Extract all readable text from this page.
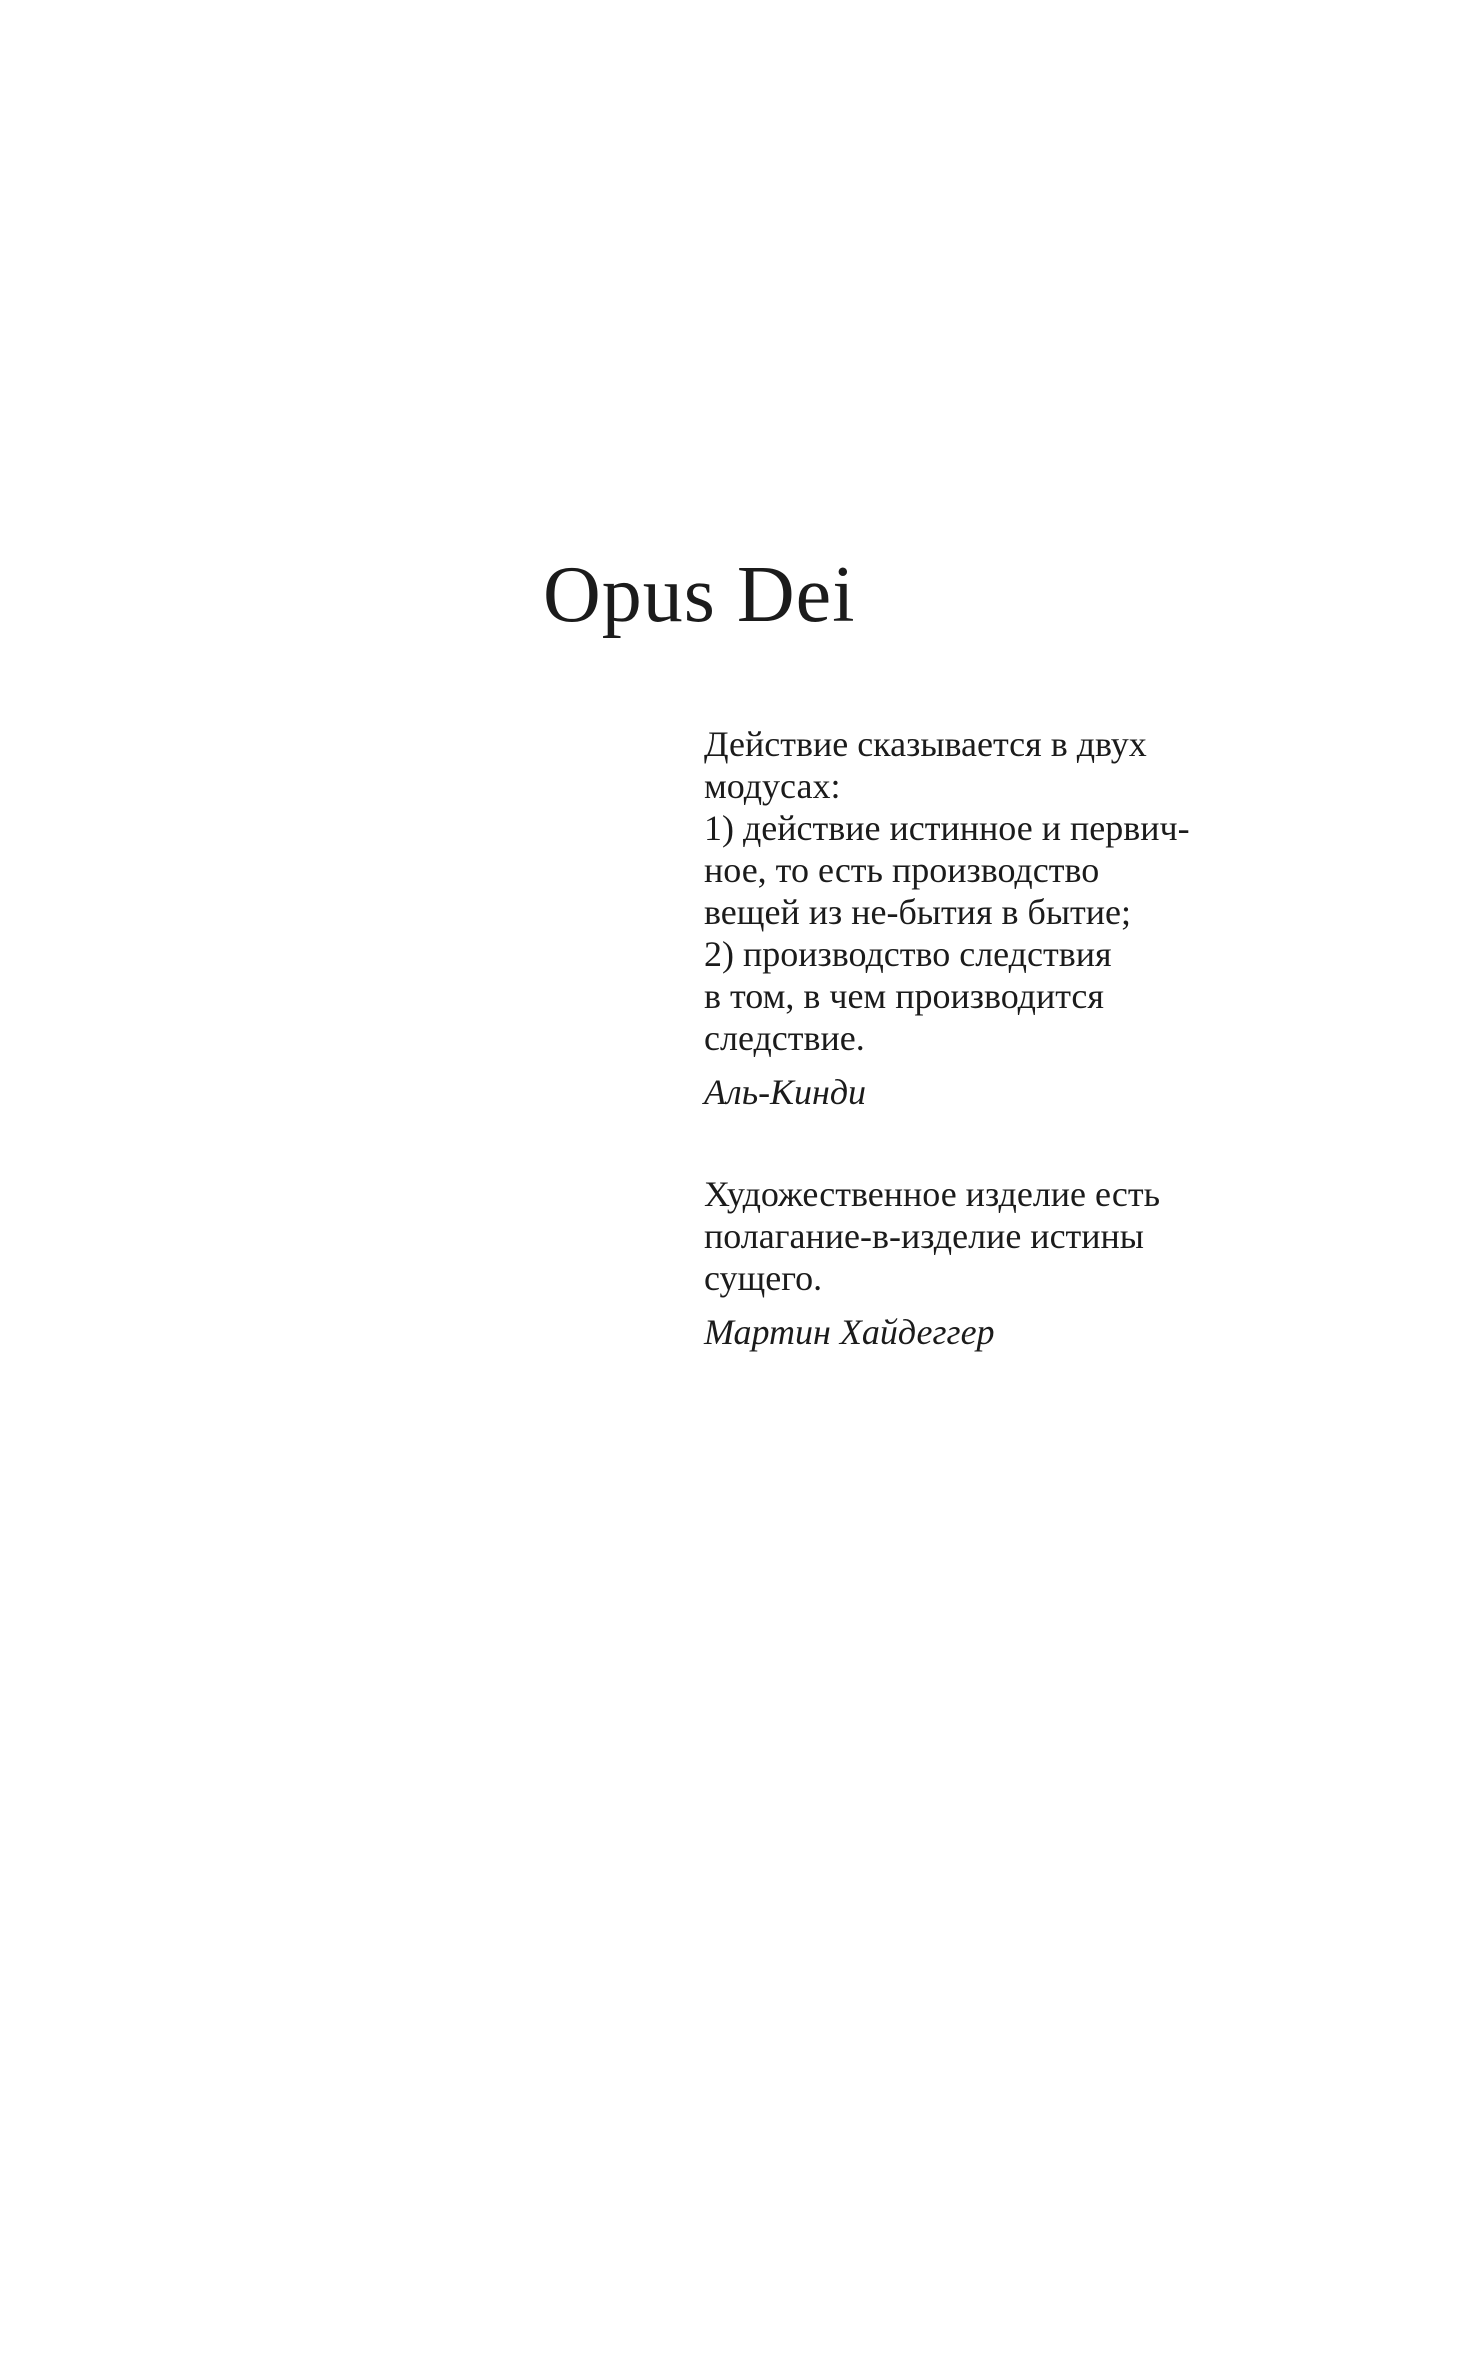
Opus Dei
Действие сказывается в двух
модусах:
1) действие истинное и первич-
ное, то есть производство
вещей из не-бытия в бытие;
2) производство следствия
в том, в чем производится
следствие.
Аль-Кинди
Художественное изделие есть
полагание-в-изделие истины
сущего.
Мартин Хайдеггер
